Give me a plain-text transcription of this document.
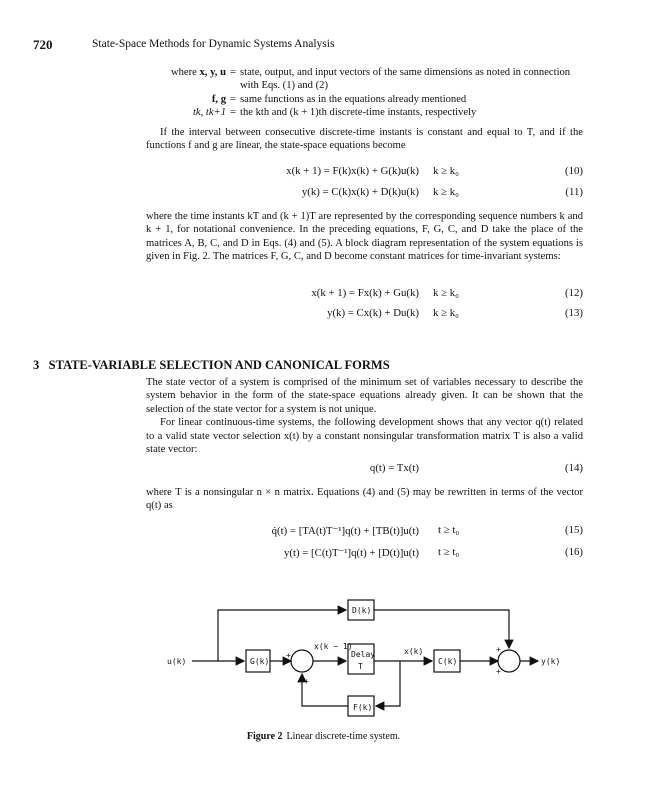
720	State-Space Methods for Dynamic Systems Analysis
where x, y, u = state, output, and input vectors of the same dimensions as noted in connection with Eqs. (1) and (2)
f, g = same functions as in the equations already mentioned
tk, tk+1 = the kth and (k + 1)th discrete-time instants, respectively

If the interval between consecutive discrete-time instants is constant and equal to T, and if the functions f and g are linear, the state-space equations become

x(k + 1) = F(k)x(k) + G(k)u(k) k ≥ k₀	(10)
y(k) = C(k)x(k) + D(k)u(k) k ≥ k₀	(11)

where the time instants kT and (k + 1)T are represented by the corresponding sequence numbers k and k + 1, for notational convenience. In the preceding equations, F, G, C, and D take the place of the matrices A, B, C, and D in Eqs. (4) and (5). A block diagram representation of the system equations is given in Fig. 2. The matrices F, G, C, and D become constant matrices for time-invariant systems:

x(k + 1) = Fx(k) + Gu(k) k ≥ k₀	(12)
y(k) = Cx(k) + Du(k) k ≥ k₀	(13)
3 STATE-VARIABLE SELECTION AND CANONICAL FORMS

The state vector of a system is comprised of the minimum set of variables necessary to describe the system behavior in the form of the state-space equations already given. It can be shown that the selection of the state vector for a system is not unique.

For linear continuous-time systems, the following development shows that any vector q(t) related to a valid state vector selection x(t) by a constant nonsingular transformation matrix T is also a valid state vector:

q(t) = Tx(t)	(14)

where T is a nonsingular n × n matrix. Equations (4) and (5) may be rewritten in terms of the vector q(t) as

q̇(t) = [TA(t)T⁻¹]q(t) + [TB(t)]u(t) t ≥ t₀	(15)
y(t) = [C(t)T⁻¹]q(t) + [D(t)]u(t) t ≥ t₀	(16)
u(k)	G(k)
D(k)
Delay
T
C(k)
F(k)
x(k − 1)
x(k)
y(k)
+
+
+
+
Figure 2 Linear discrete-time system.
